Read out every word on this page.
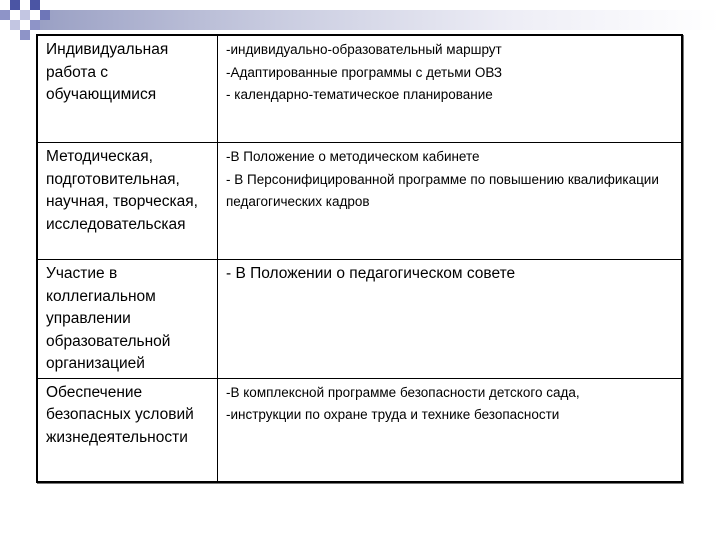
Индивидуальная работа с обучающимися	-индивидуально-образовательный маршрут
-Адаптированные программы с детьми ОВЗ
- календарно-тематическое планирование

Методическая, подготовительная, научная, творческая, исследовательская	-В Положение о методическом кабинете
- В Персонифицированной программе по повышению квалификации педагогических кадров

Участие в коллегиальном управлении образовательной организацией	- В Положении о педагогическом совете

Обеспечение безопасных условий жизнедеятельности	-В комплексной программе безопасности детского сада,
-инструкции по охране труда и технике безопасности
